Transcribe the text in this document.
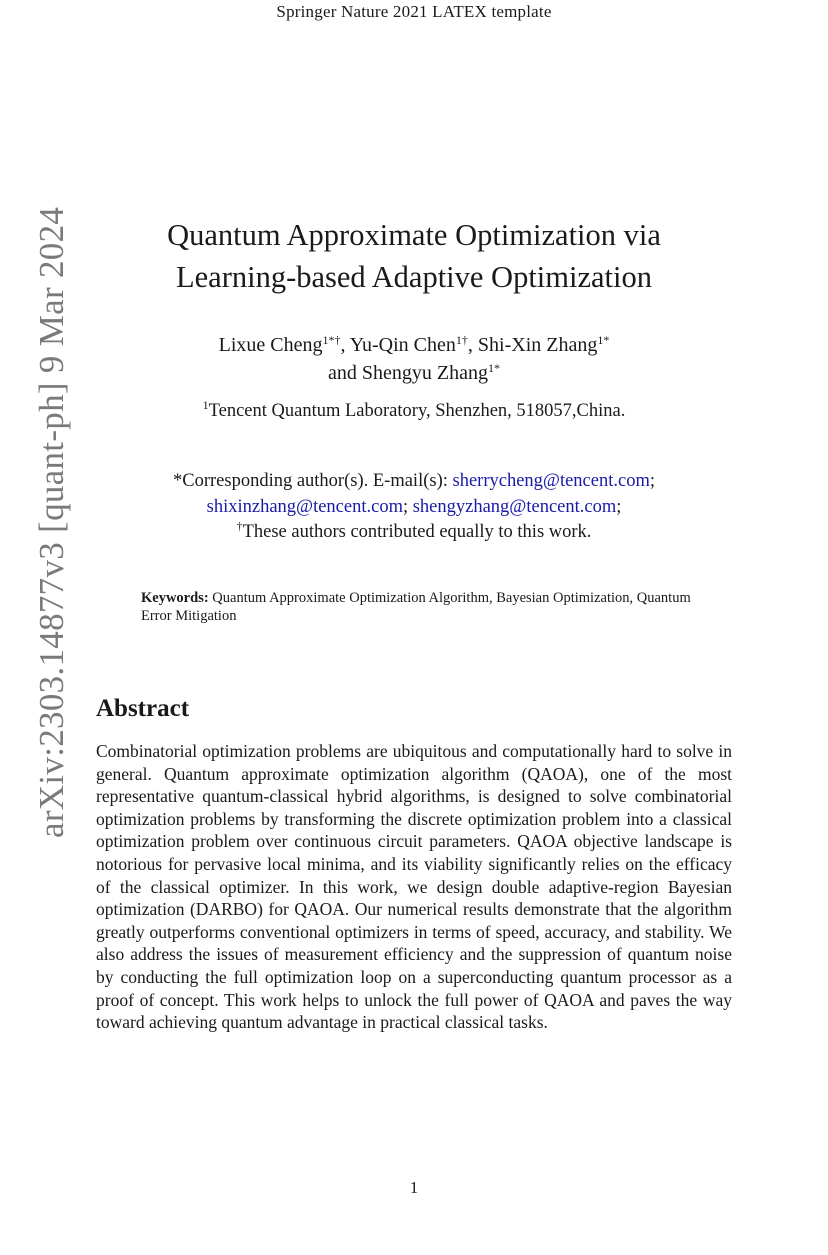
Springer Nature 2021 LATEX template
arXiv:2303.14877v3 [quant-ph] 9 Mar 2024	Quantum Approximate Optimization via
Learning-based Adaptive Optimization
Lixue Cheng$^{1*\dagger}$, Yu-Qin Chen$^{1\dagger}$, Shi-Xin Zhang$^{1*}$
and Shengyu Zhang$^{1*}$
$^1$Tencent Quantum Laboratory, Shenzhen, 518057,China.
*Corresponding author(s). E-mail(s): sherrycheng@tencent.com;
shixinzhang@tencent.com; shengyzhang@tencent.com;
†These authors contributed equally to this work.
Keywords: Quantum Approximate Optimization Algorithm, Bayesian Optimization, Quantum Error Mitigation
Abstract
Combinatorial optimization problems are ubiquitous and computationally hard to solve in general. Quantum approximate optimization algorithm (QAOA), one of the most representative quantum-classical hybrid algorithms, is designed to solve combinatorial optimization problems by transforming the discrete optimization problem into a classical optimization problem over continuous circuit parameters. QAOA objective landscape is notorious for pervasive local minima, and its viability significantly relies on the efficacy of the classical optimizer. In this work, we design double adaptive-region Bayesian optimization (DARBO) for QAOA. Our numerical results demonstrate that the algorithm greatly outperforms conventional optimizers in terms of speed, accuracy, and stability. We also address the issues of measurement efficiency and the suppression of quantum noise by conducting the full optimization loop on a superconducting quantum processor as a proof of concept. This work helps to unlock the full power of QAOA and paves the way toward achieving quantum advantage in practical classical tasks.
1
